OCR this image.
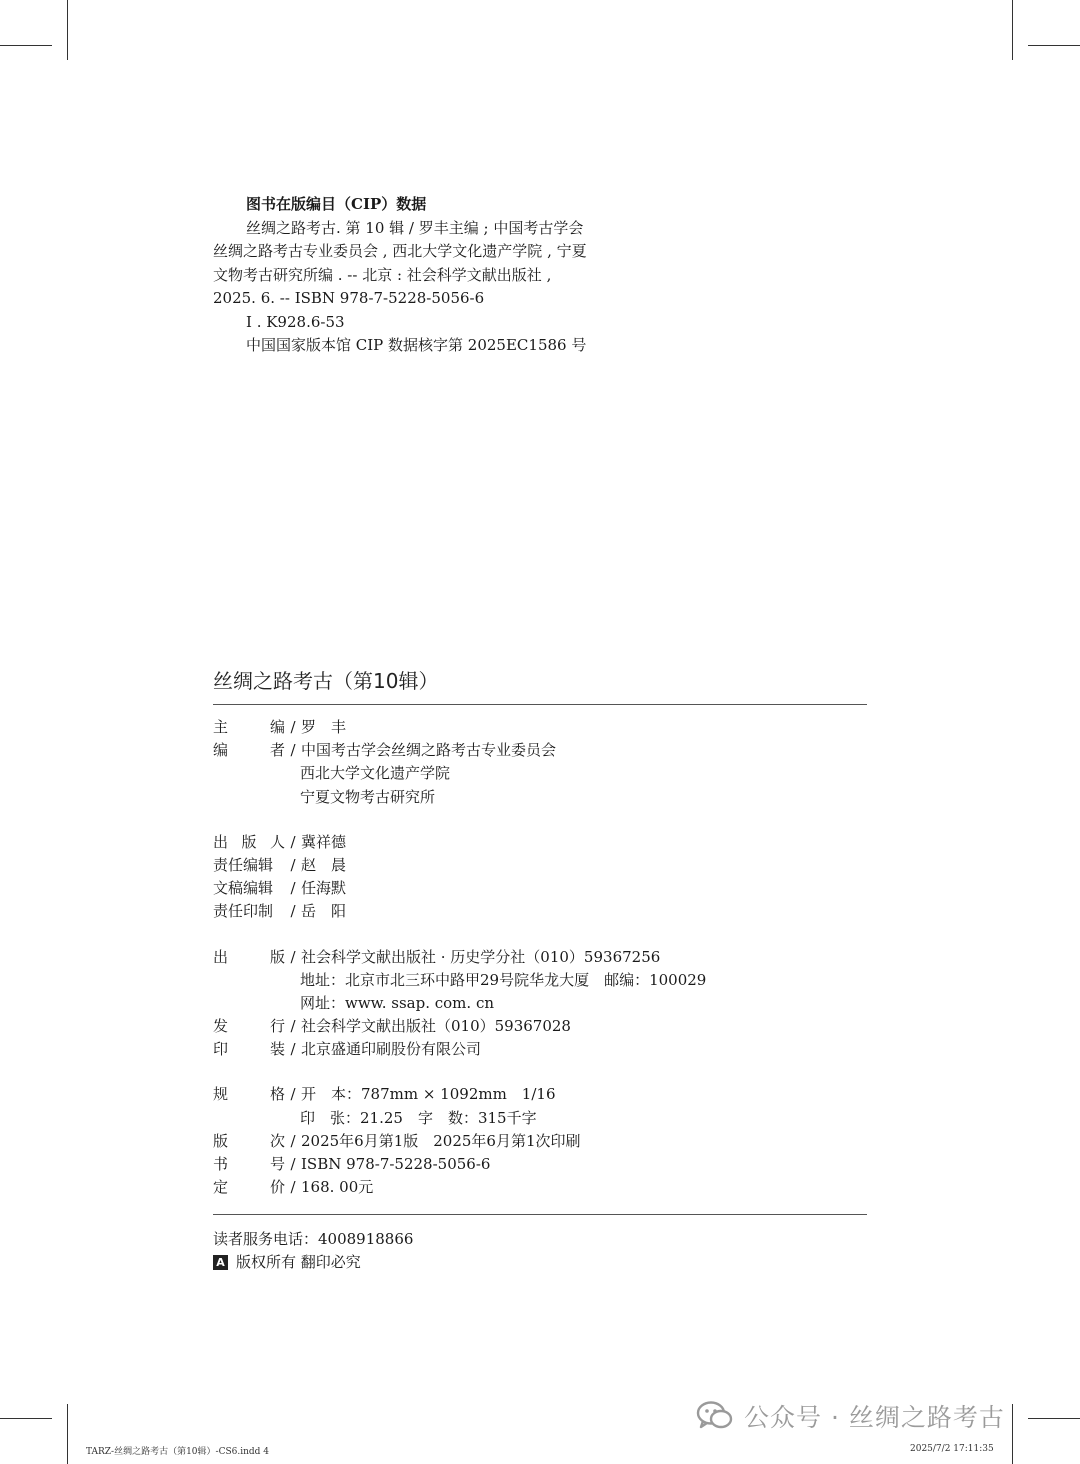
图书在版编目（CIP）数据

丝绸之路考古. 第 10 辑 / 罗丰主编 ; 中国考古学会

丝绸之路考古专业委员会 , 西北大学文化遗产学院 , 宁夏

文物考古研究所编 . -- 北京 : 社会科学文献出版社 ,

2025. 6. -- ISBN 978-7-5228-5056-6

Ⅰ . K928.6-53

中国国家版本馆 CIP 数据核字第 2025EC1586 号

丝绸之路考古（第10辑）
主	编 / 罗　丰
编	者 / 中国考古学会丝绸之路考古专业委员会
西北大学文化遗产学院
宁夏文物考古研究所
出 版 人 / 冀祥德
责任编辑	/ 赵　晨
文稿编辑	/ 任海默
责任印制	/ 岳　阳
出	版 / 社会科学文献出版社 · 历史学分社（010）59367256
地址：北京市北三环中路甲29号院华龙大厦　邮编：100029
网址：www. ssap. com. cn
发	行 / 社会科学文献出版社（010）59367028
印	装 / 北京盛通印刷股份有限公司
规	格 / 开　本：787mm × 1092mm　1/16
印　张：21.25　字　数：315千字
版	次 / 2025年6月第1版　2025年6月第1次印刷
书	号 / ISBN 978-7-5228-5056-6
定	价 / 168. 00元

读者服务电话：4008918866

A 版权所有 翻印必究

公众号 · 丝绸之路考古
TARZ-丝绸之路考古（第10辑）-CS6.indd 4	2025/7/2 17:11:35
